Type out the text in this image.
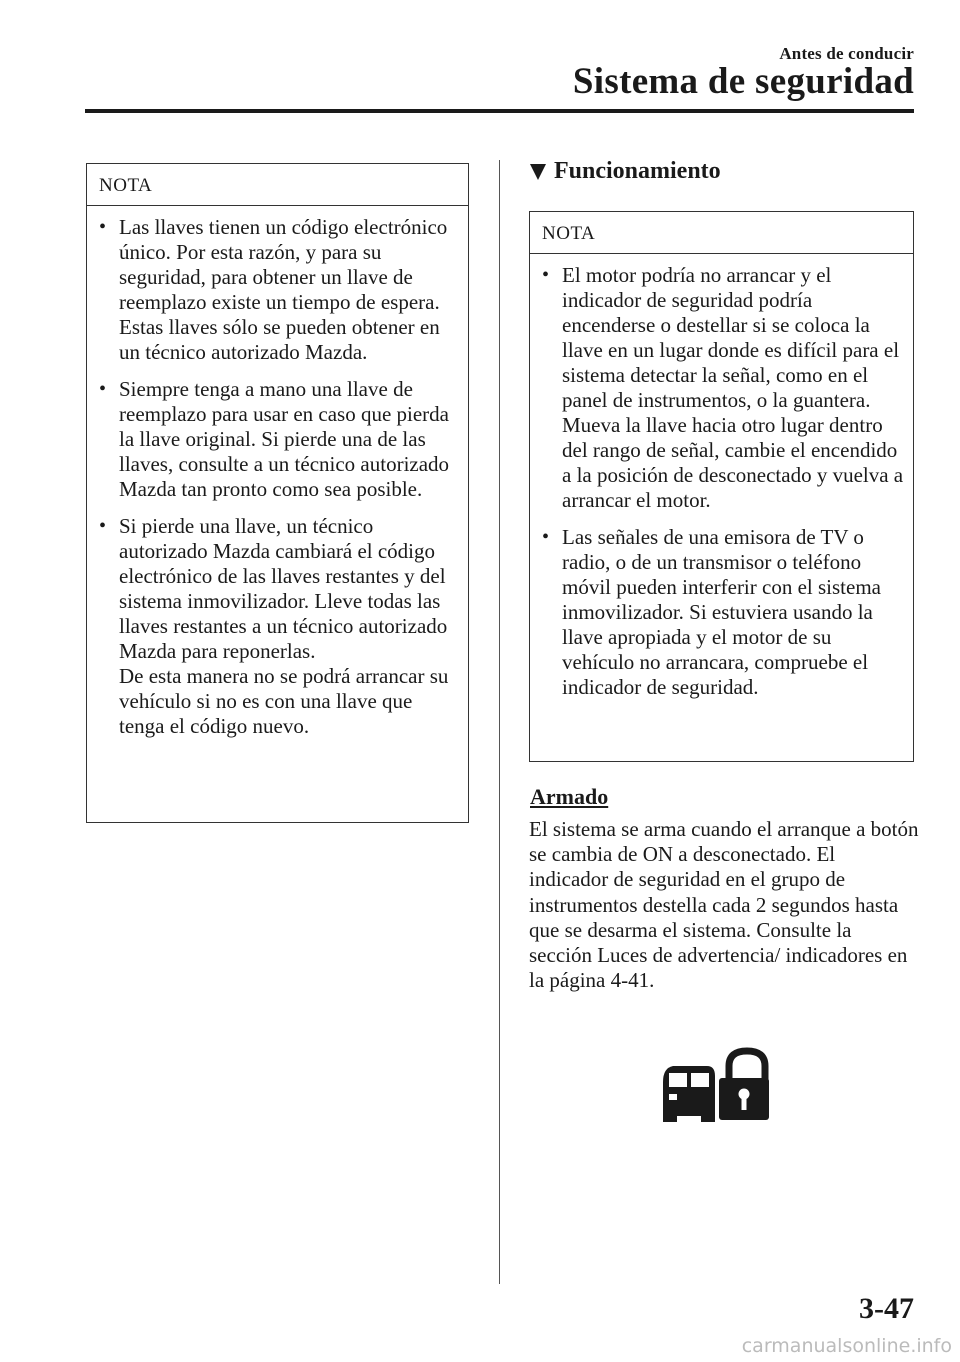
Antes de conducir
Sistema de seguridad
NOTA
• Las llaves tienen un código electrónico único. Por esta razón, y para su seguridad, para obtener un llave de reemplazo existe un tiempo de espera. Estas llaves sólo se pueden obtener en un técnico autorizado Mazda.
• Siempre tenga a mano una llave de reemplazo para usar en caso que pierda la llave original. Si pierde una de las llaves, consulte a un técnico autorizado Mazda tan pronto como sea posible.
• Si pierde una llave, un técnico autorizado Mazda cambiará el código electrónico de las llaves restantes y del sistema inmovilizador. Lleve todas las llaves restantes a un técnico autorizado Mazda para reponerlas.
De esta manera no se podrá arrancar su vehículo si no es con una llave que tenga el código nuevo.
Funcionamiento
NOTA
• El motor podría no arrancar y el indicador de seguridad podría encenderse o destellar si se coloca la llave en un lugar donde es difícil para el sistema detectar la señal, como en el panel de instrumentos, o la guantera. Mueva la llave hacia otro lugar dentro del rango de señal, cambie el encendido a la posición de desconectado y vuelva a arrancar el motor.
• Las señales de una emisora de TV o radio, o de un transmisor o teléfono móvil pueden interferir con el sistema inmovilizador. Si estuviera usando la llave apropiada y el motor de su vehículo no arrancara, compruebe el indicador de seguridad.
Armado
El sistema se arma cuando el arranque a botón se cambia de ON a desconectado. El indicador de seguridad en el grupo de instrumentos destella cada 2 segundos hasta que se desarma el sistema. Consulte la sección Luces de advertencia/ indicadores en la página 4-41.
3-47
carmanualsonline.info
